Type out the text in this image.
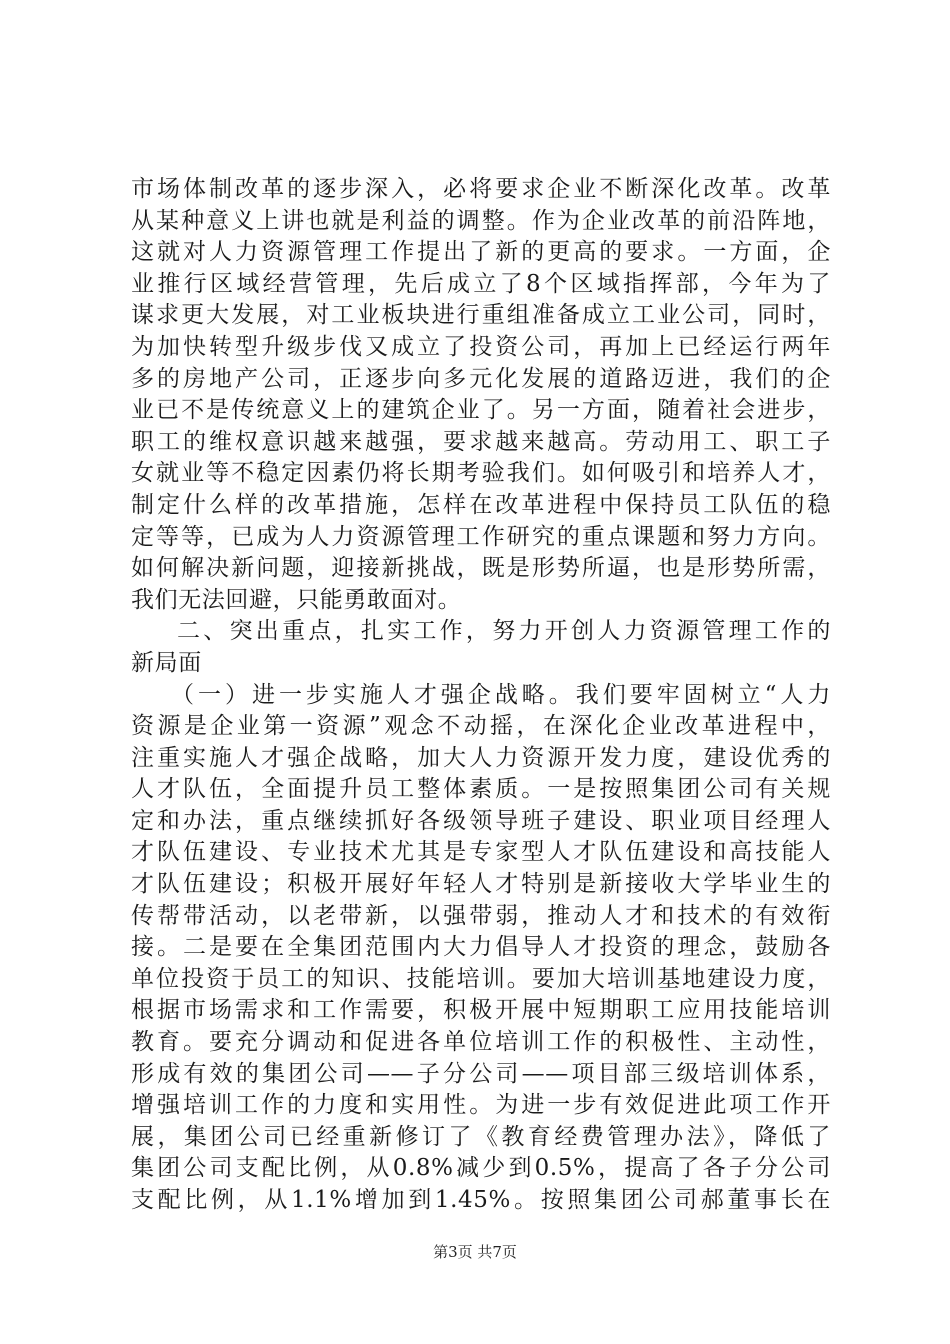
市场体制改革的逐步深入，必将要求企业不断深化改革。改革
从某种意义上讲也就是利益的调整。作为企业改革的前沿阵地，
这就对人力资源管理工作提出了新的更高的要求。一方面，企
业推行区域经营管理，先后成立了8个区域指挥部，今年为了
谋求更大发展，对工业板块进行重组准备成立工业公司，同时，
为加快转型升级步伐又成立了投资公司，再加上已经运行两年
多的房地产公司，正逐步向多元化发展的道路迈进，我们的企
业已不是传统意义上的建筑企业了。另一方面，随着社会进步，
职工的维权意识越来越强，要求越来越高。劳动用工、职工子
女就业等不稳定因素仍将长期考验我们。如何吸引和培养人才，
制定什么样的改革措施，怎样在改革进程中保持员工队伍的稳
定等等，已成为人力资源管理工作研究的重点课题和努力方向。
如何解决新问题，迎接新挑战，既是形势所逼，也是形势所需，
我们无法回避，只能勇敢面对。
二、突出重点，扎实工作，努力开创人力资源管理工作的
新局面
（一）进一步实施人才强企战略。我们要牢固树立“人力
资源是企业第一资源”观念不动摇，在深化企业改革进程中，
注重实施人才强企战略，加大人力资源开发力度，建设优秀的
人才队伍，全面提升员工整体素质。一是按照集团公司有关规
定和办法，重点继续抓好各级领导班子建设、职业项目经理人
才队伍建设、专业技术尤其是专家型人才队伍建设和高技能人
才队伍建设；积极开展好年轻人才特别是新接收大学毕业生的
传帮带活动，以老带新，以强带弱，推动人才和技术的有效衔
接。二是要在全集团范围内大力倡导人才投资的理念，鼓励各
单位投资于员工的知识、技能培训。要加大培训基地建设力度，
根据市场需求和工作需要，积极开展中短期职工应用技能培训
教育。要充分调动和促进各单位培训工作的积极性、主动性，
形成有效的集团公司——子分公司——项目部三级培训体系，
增强培训工作的力度和实用性。为进一步有效促进此项工作开
展，集团公司已经重新修订了《教育经费管理办法》，降低了
集团公司支配比例，从0.8%减少到0.5%，提高了各子分公司
支配比例，从1.1%增加到1.45%。按照集团公司郝董事长在
第3页 共7页
